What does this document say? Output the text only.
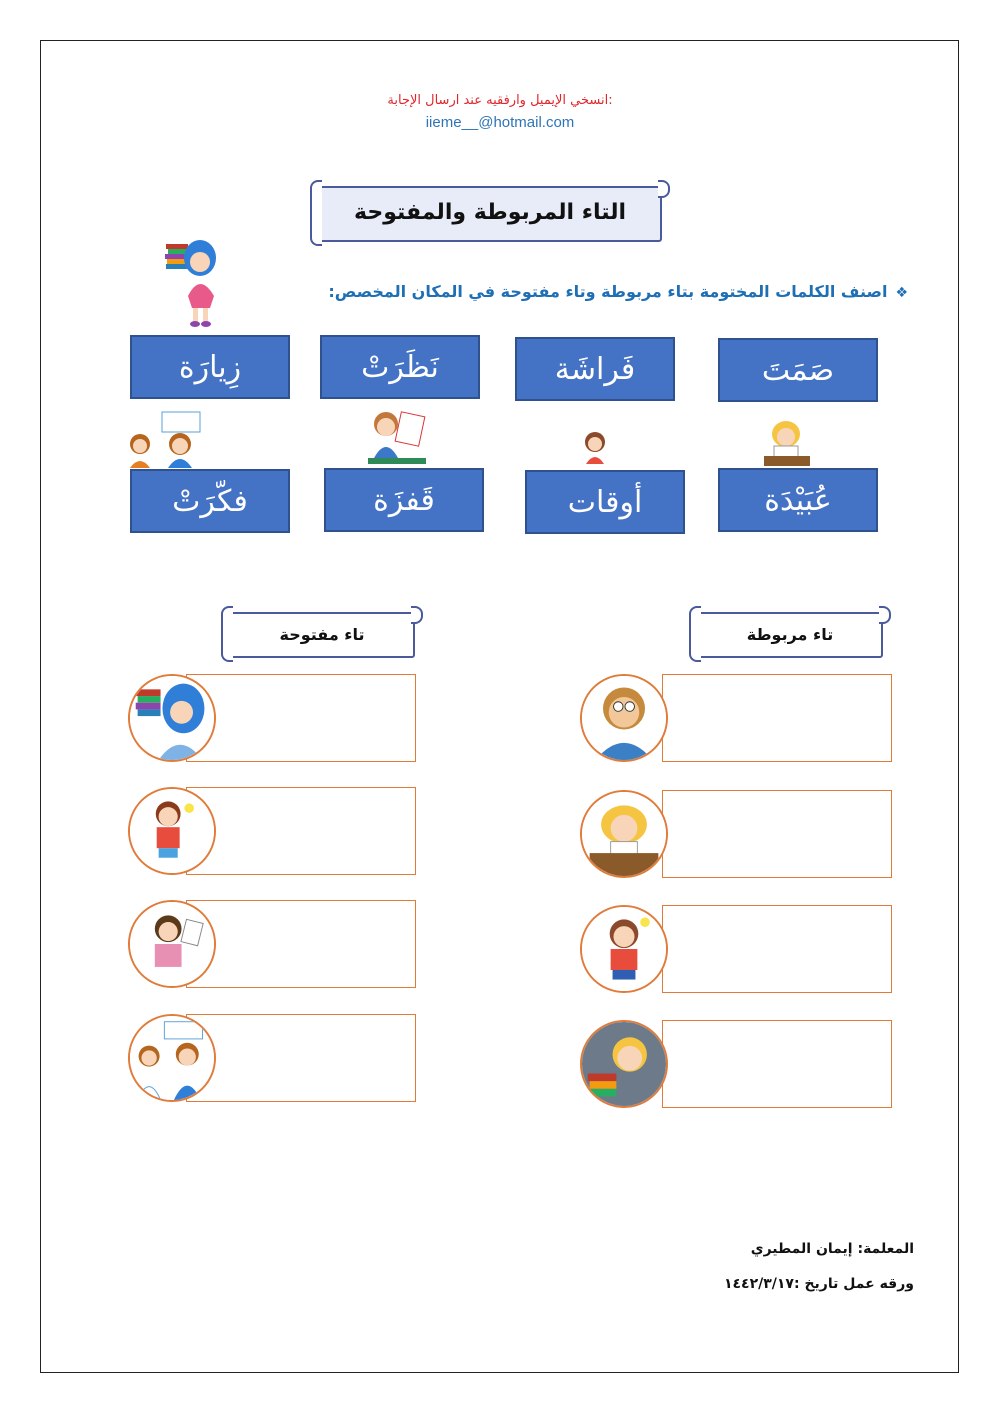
انسخي الإيميل وارفقيه عند ارسال الإجابة:
iieme__@hotmail.com
التاء المربوطة والمفتوحة
❖اصنف الكلمات المختومة بتاء مربوطة وتاء مفتوحة في المكان المخصص:
صَمَتَ
فَراشَة
نَظَرَتْ
زِيارَة
عُبَيْدَة
أوقات
قَفزَة
فكّرَتْ
تاء مربوطة
تاء مفتوحة
المعلمة: إيمان المطيري
ورقه عمل تاريخ :١٤٤٢/٣/١٧
